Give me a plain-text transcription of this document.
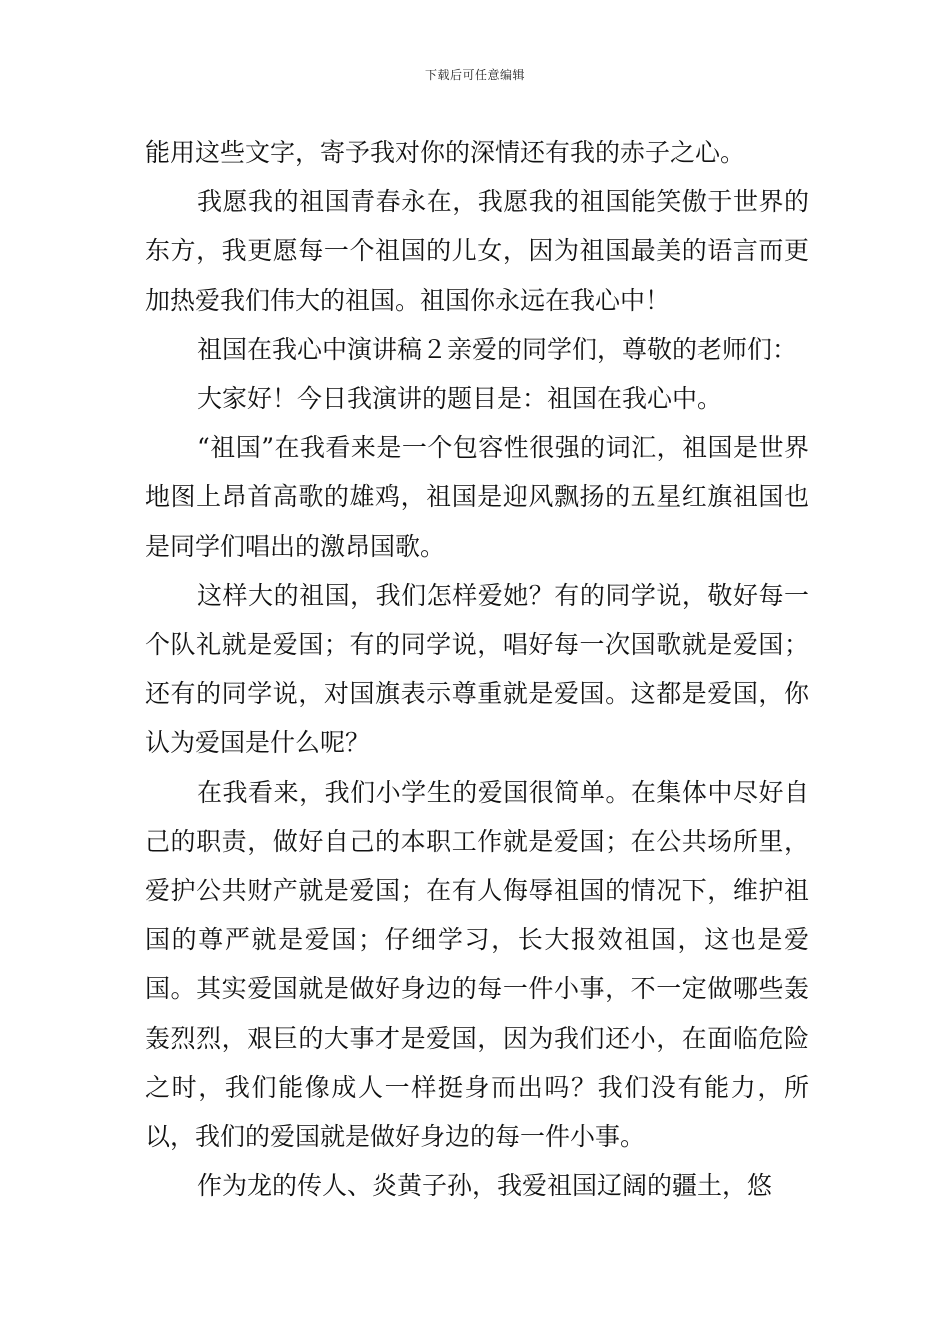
下载后可任意编辑

能用这些文字，寄予我对你的深情还有我的赤子之心。

我愿我的祖国青春永在，我愿我的祖国能笑傲于世界的东方，我更愿每一个祖国的儿女，因为祖国最美的语言而更加热爱我们伟大的祖国。祖国你永远在我心中！

祖国在我心中演讲稿２亲爱的同学们，尊敬的老师们：

大家好！今日我演讲的题目是：祖国在我心中。

“祖国”在我看来是一个包容性很强的词汇，祖国是世界地图上昂首高歌的雄鸡，祖国是迎风飘扬的五星红旗祖国也是同学们唱出的激昂国歌。

这样大的祖国，我们怎样爱她？有的同学说，敬好每一个队礼就是爱国；有的同学说，唱好每一次国歌就是爱国；还有的同学说，对国旗表示尊重就是爱国。这都是爱国，你认为爱国是什么呢？

在我看来，我们小学生的爱国很简单。在集体中尽好自己的职责，做好自己的本职工作就是爱国；在公共场所里，爱护公共财产就是爱国；在有人侮辱祖国的情况下，维护祖国的尊严就是爱国；仔细学习，长大报效祖国，这也是爱国。其实爱国就是做好身边的每一件小事，不一定做哪些轰轰烈烈，艰巨的大事才是爱国，因为我们还小，在面临危险之时，我们能像成人一样挺身而出吗？我们没有能力，所以，我们的爱国就是做好身边的每一件小事。

作为龙的传人、炎黄子孙，我爱祖国辽阔的疆土，悠
